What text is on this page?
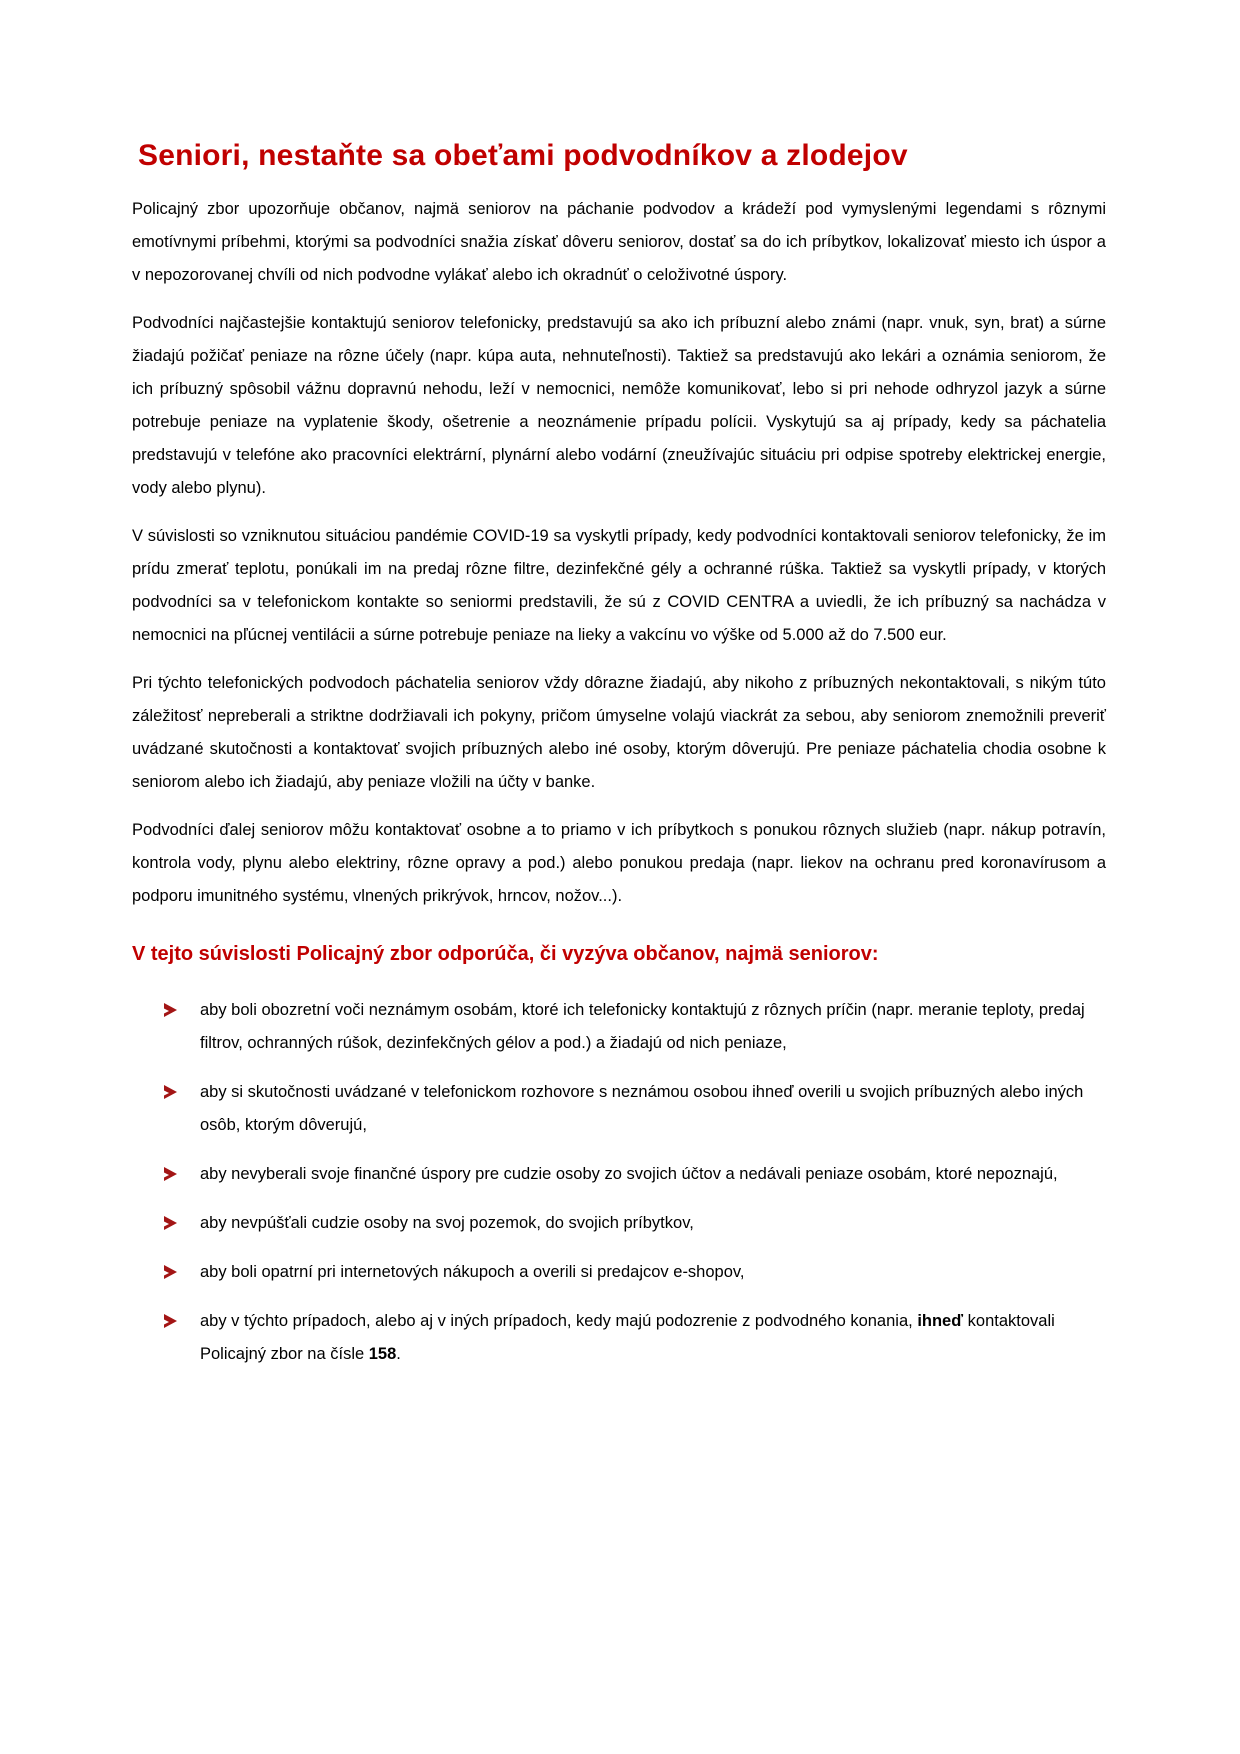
Seniori, nestaňte sa obeťami podvodníkov a zlodejov

Policajný zbor upozorňuje občanov, najmä seniorov na páchanie podvodov a krádeží pod vymyslenými legendami s rôznymi emotívnymi príbehmi, ktorými sa podvodníci snažia získať dôveru seniorov, dostať sa do ich príbytkov, lokalizovať miesto ich úspor a v nepozorovanej chvíli od nich podvodne vylákať alebo ich okradnúť o celoživotné úspory.

Podvodníci najčastejšie kontaktujú seniorov telefonicky, predstavujú sa ako ich príbuzní alebo známi (napr. vnuk, syn, brat) a súrne žiadajú požičať peniaze na rôzne účely (napr. kúpa auta, nehnuteľnosti). Taktiež sa predstavujú ako lekári a oznámia seniorom, že ich príbuzný spôsobil vážnu dopravnú nehodu, leží v nemocnici, nemôže komunikovať, lebo si pri nehode odhryzol jazyk a súrne potrebuje peniaze na vyplatenie škody, ošetrenie a neoznámenie prípadu polícii. Vyskytujú sa aj prípady, kedy sa páchatelia predstavujú v telefóne ako pracovníci elektrární, plynární alebo vodární (zneužívajúc situáciu pri odpise spotreby elektrickej energie, vody alebo plynu).

V súvislosti so vzniknutou situáciou pandémie COVID-19 sa vyskytli prípady, kedy podvodníci kontaktovali seniorov telefonicky, že im prídu zmerať teplotu, ponúkali im na predaj rôzne filtre, dezinfekčné gély a ochranné rúška. Taktiež sa vyskytli prípady, v ktorých podvodníci sa v telefonickom kontakte so seniormi predstavili, že sú z COVID CENTRA a uviedli, že ich príbuzný sa nachádza v nemocnici na pľúcnej ventilácii a súrne potrebuje peniaze na lieky a vakcínu vo výške od 5.000 až do 7.500 eur.

Pri týchto telefonických podvodoch páchatelia seniorov vždy dôrazne žiadajú, aby nikoho z príbuzných nekontaktovali, s nikým túto záležitosť nepreberali a striktne dodržiavali ich pokyny, pričom úmyselne volajú viackrát za sebou, aby seniorom znemožnili preveriť uvádzané skutočnosti a kontaktovať svojich príbuzných alebo iné osoby, ktorým dôverujú. Pre peniaze páchatelia chodia osobne k seniorom alebo ich žiadajú, aby peniaze vložili na účty v banke.

Podvodníci ďalej seniorov môžu kontaktovať osobne a to priamo v ich príbytkoch s ponukou rôznych služieb (napr. nákup potravín, kontrola vody, plynu alebo elektriny, rôzne opravy a pod.) alebo ponukou predaja (napr. liekov na ochranu pred koronavírusom a podporu imunitného systému, vlnených prikrývok, hrncov, nožov...).

V tejto súvislosti Policajný zbor odporúča, či vyzýva občanov, najmä seniorov:
aby boli obozretní voči neznámym osobám, ktoré ich telefonicky kontaktujú z rôznych príčin (napr. meranie teploty, predaj filtrov, ochranných rúšok, dezinfekčných gélov a pod.) a žiadajú od nich peniaze,
aby si skutočnosti uvádzané v telefonickom rozhovore s neznámou osobou ihneď overili u svojich príbuzných alebo iných osôb, ktorým dôverujú,
aby nevyberali svoje finančné úspory pre cudzie osoby zo svojich účtov a nedávali peniaze osobám, ktoré nepoznajú,
aby nevpúšťali cudzie osoby na svoj pozemok, do svojich príbytkov,
aby boli opatrní pri internetových nákupoch a overili si predajcov e-shopov,
aby v týchto prípadoch, alebo aj v iných prípadoch, kedy majú podozrenie z podvodného konania, ihneď kontaktovali Policajný zbor na čísle 158.
